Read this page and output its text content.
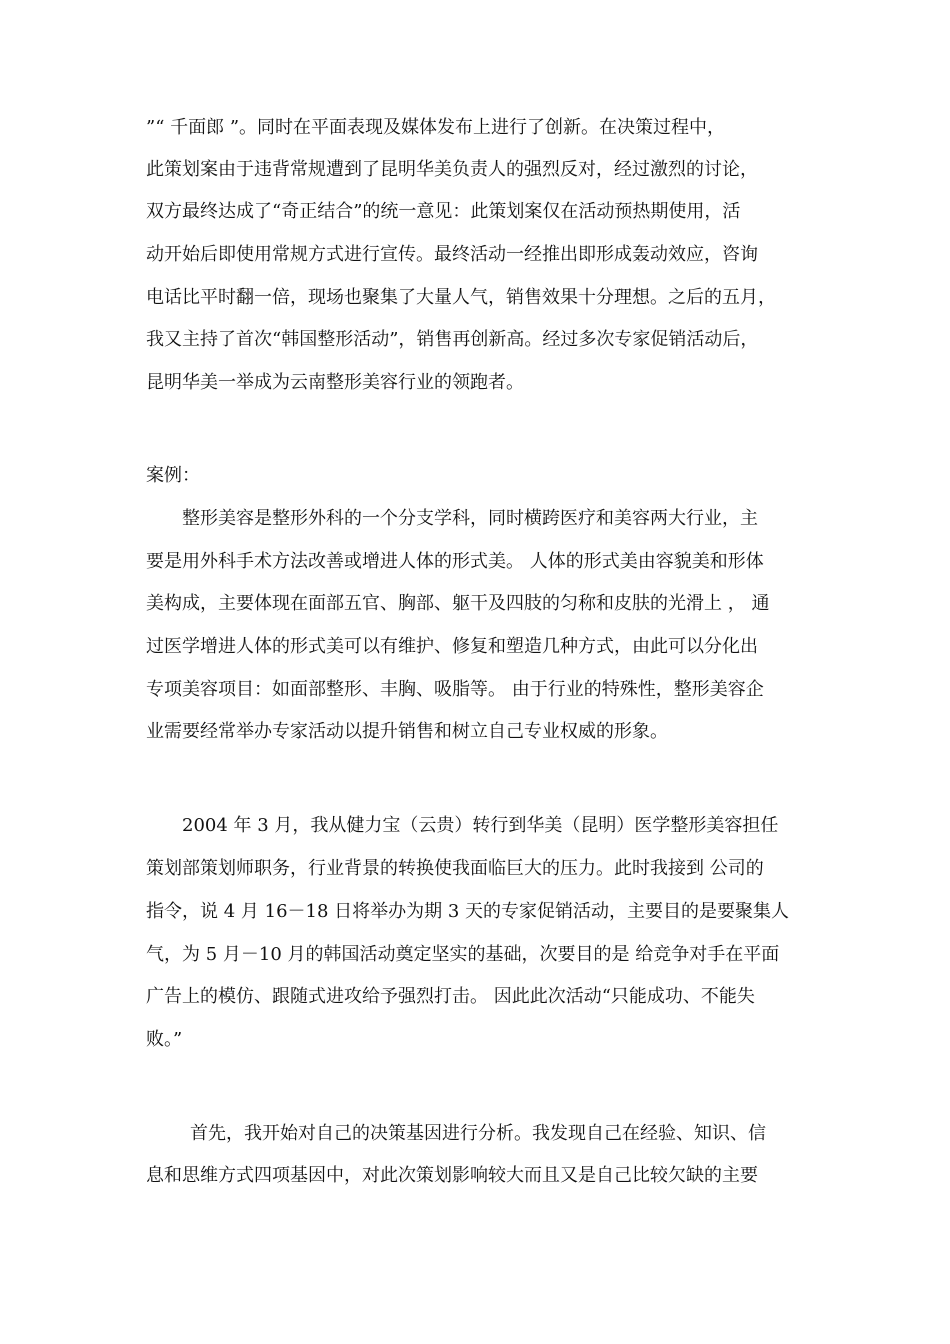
”“ 千面郎 ”。同时在平面表现及媒体发布上进行了创新。在决策过程中，
此策划案由于违背常规遭到了昆明华美负责人的强烈反对，经过激烈的讨论，
双方最终达成了“奇正结合”的统一意见：此策划案仅在活动预热期使用，活
动开始后即使用常规方式进行宣传。最终活动一经推出即形成轰动效应，咨询
电话比平时翻一倍，现场也聚集了大量人气，销售效果十分理想。之后的五月，
我又主持了首次“韩国整形活动”，销售再创新高。经过多次专家促销活动后，
昆明华美一举成为云南整形美容行业的领跑者。
案例：
整形美容是整形外科的一个分支学科，同时横跨医疗和美容两大行业，主
要是用外科手术方法改善或增进人体的形式美。 人体的形式美由容貌美和形体
美构成，主要体现在面部五官、胸部、躯干及四肢的匀称和皮肤的光滑上 ， 通
过医学增进人体的形式美可以有维护、修复和塑造几种方式，由此可以分化出
专项美容项目：如面部整形、丰胸、吸脂等。 由于行业的特殊性，整形美容企
业需要经常举办专家活动以提升销售和树立自己专业权威的形象。
2004 年 3 月，我从健力宝（云贵）转行到华美（昆明）医学整形美容担任
策划部策划师职务，行业背景的转换使我面临巨大的压力。此时我接到 公司的
指令，说 4 月 16－18 日将举办为期 3 天的专家促销活动，主要目的是要聚集人
气，为 5 月－10 月的韩国活动奠定坚实的基础，次要目的是 给竞争对手在平面
广告上的模仿、跟随式进攻给予强烈打击。 因此此次活动“只能成功、不能失
败。”
首先，我开始对自己的决策基因进行分析。我发现自己在经验、知识、信
息和思维方式四项基因中，对此次策划影响较大而且又是自己比较欠缺的主要
